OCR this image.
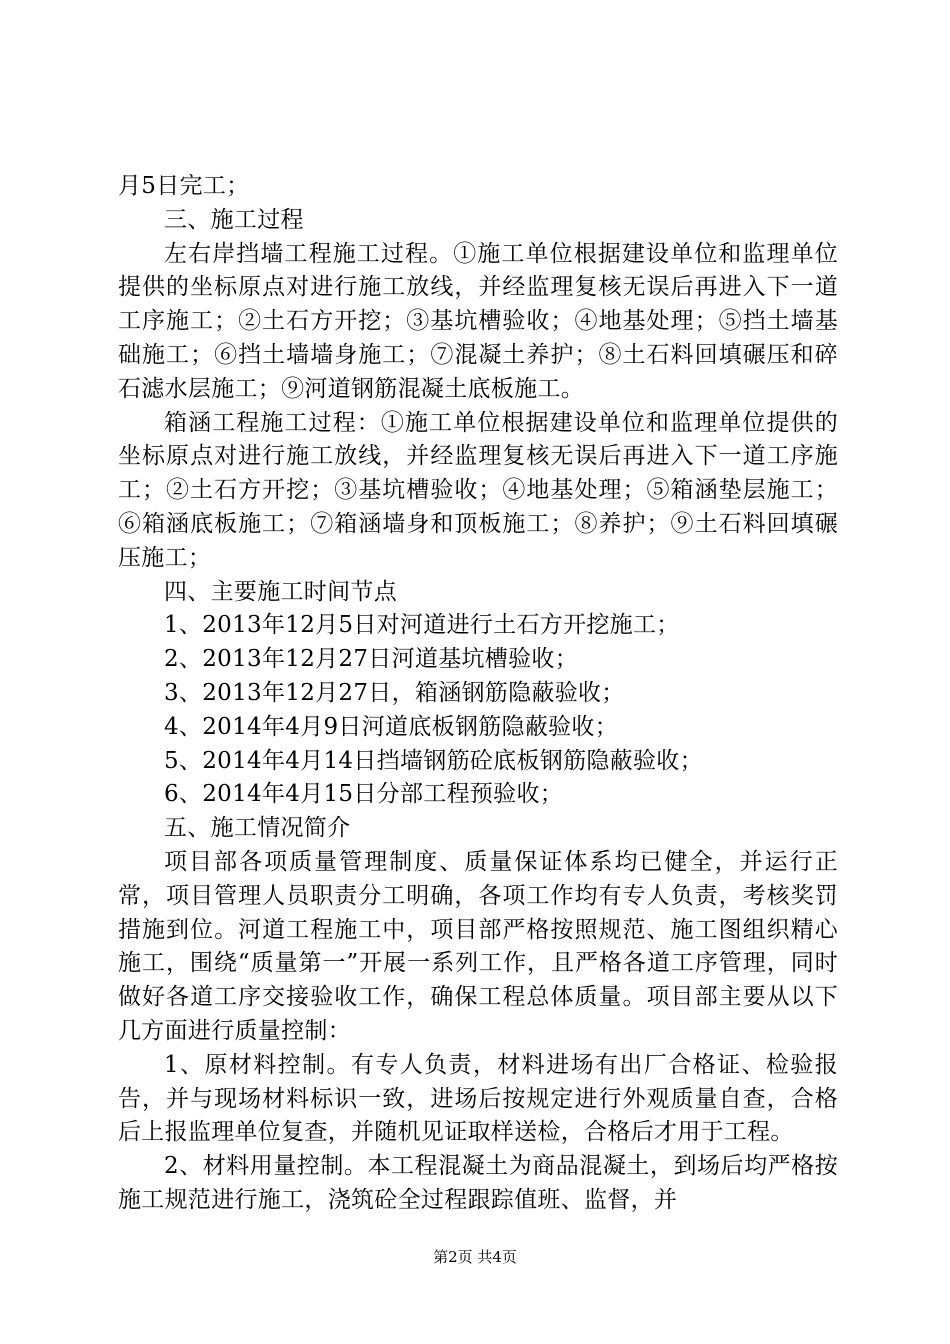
月5日完工；

三、施工过程

左右岸挡墙工程施工过程。①施工单位根据建设单位和监理单位提供的坐标原点对进行施工放线，并经监理复核无误后再进入下一道工序施工；②土石方开挖；③基坑槽验收；④地基处理；⑤挡土墙基础施工；⑥挡土墙墙身施工；⑦混凝土养护；⑧土石料回填碾压和碎石滤水层施工；⑨河道钢筋混凝土底板施工。

箱涵工程施工过程：①施工单位根据建设单位和监理单位提供的坐标原点对进行施工放线，并经监理复核无误后再进入下一道工序施工；②土石方开挖；③基坑槽验收；④地基处理；⑤箱涵垫层施工；⑥箱涵底板施工；⑦箱涵墙身和顶板施工；⑧养护；⑨土石料回填碾压施工；

四、主要施工时间节点

1、2013年12月5日对河道进行土石方开挖施工；

2、2013年12月27日河道基坑槽验收；

3、2013年12月27日，箱涵钢筋隐蔽验收；

4、2014年4月9日河道底板钢筋隐蔽验收；

5、2014年4月14日挡墙钢筋砼底板钢筋隐蔽验收；

6、2014年4月15日分部工程预验收；

五、施工情况简介

项目部各项质量管理制度、质量保证体系均已健全，并运行正常，项目管理人员职责分工明确，各项工作均有专人负责，考核奖罚措施到位。河道工程施工中，项目部严格按照规范、施工图组织精心施工，围绕“质量第一”开展一系列工作，且严格各道工序管理，同时做好各道工序交接验收工作，确保工程总体质量。项目部主要从以下几方面进行质量控制：

1、原材料控制。有专人负责，材料进场有出厂合格证、检验报告，并与现场材料标识一致，进场后按规定进行外观质量自查，合格后上报监理单位复查，并随机见证取样送检，合格后才用于工程。

2、材料用量控制。本工程混凝土为商品混凝土，到场后均严格按施工规范进行施工，浇筑砼全过程跟踪值班、监督，并

第2页 共4页
